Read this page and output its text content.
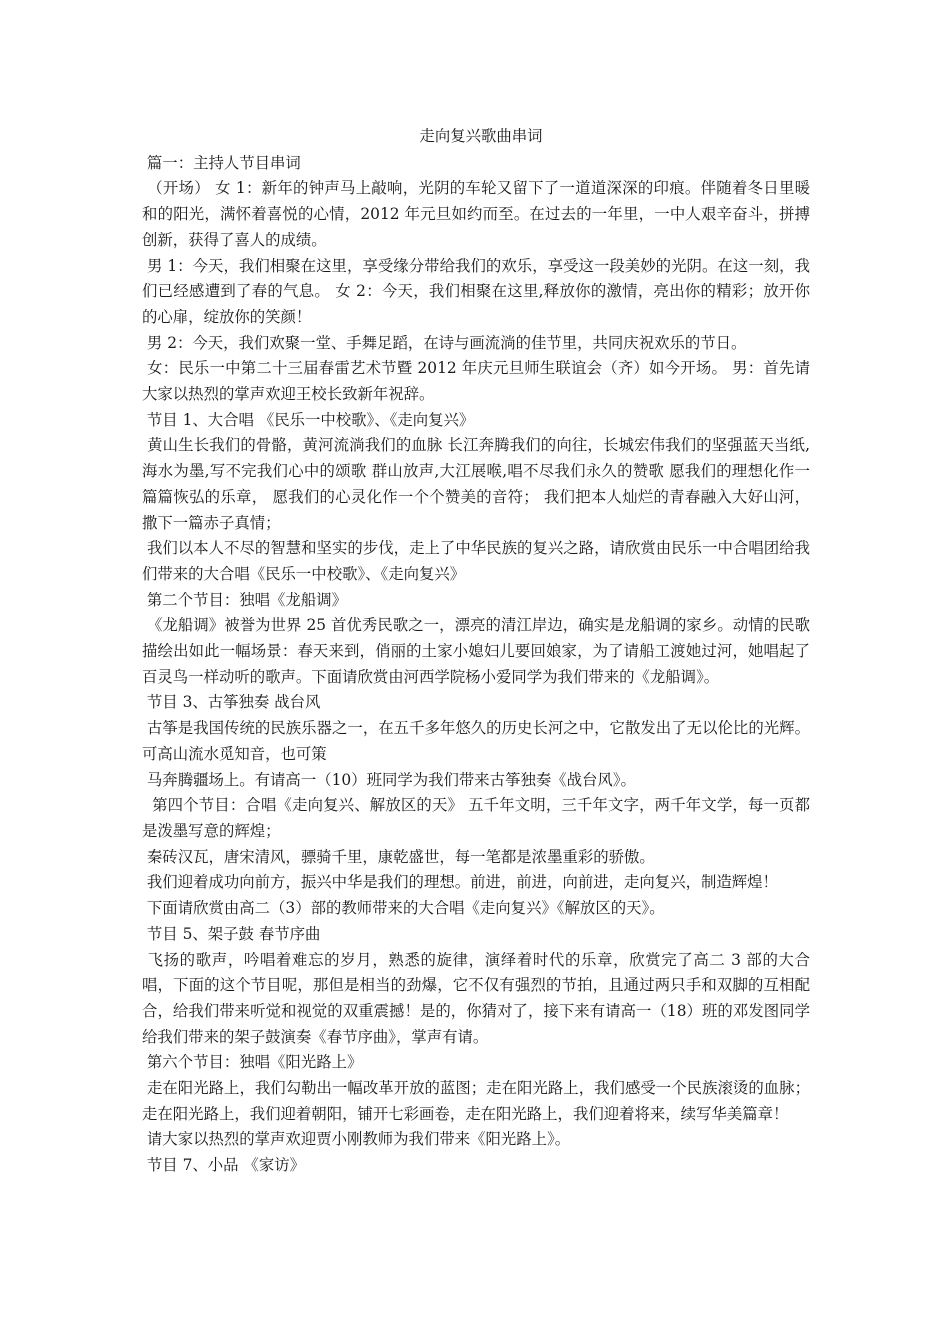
走向复兴歌曲串词

篇一：主持人节目串词

（开场） 女 1：新年的钟声马上敲响，光阴的车轮又留下了一道道深深的印痕。伴随着冬日里暖和的阳光，满怀着喜悦的心情，2012 年元旦如约而至。在过去的一年里，一中人艰辛奋斗，拼搏创新，获得了喜人的成绩。

男 1：今天，我们相聚在这里，享受缘分带给我们的欢乐，享受这一段美妙的光阴。在这一刻，我们已经感遭到了春的气息。 女 2：今天，我们相聚在这里,释放你的激情，亮出你的精彩；放开你的心扉，绽放你的笑颜！

男 2：今天，我们欢聚一堂、手舞足蹈，在诗与画流淌的佳节里，共同庆祝欢乐的节日。

女：民乐一中第二十三届春雷艺术节暨 2012 年庆元旦师生联谊会（齐）如今开场。 男：首先请大家以热烈的掌声欢迎王校长致新年祝辞。

节目 1、大合唱 《民乐一中校歌》、《走向复兴》

黄山生长我们的骨骼，黄河流淌我们的血脉 长江奔腾我们的向往，长城宏伟我们的坚强蓝天当纸,海水为墨,写不完我们心中的颂歌 群山放声,大江展喉,唱不尽我们永久的赞歌 愿我们的理想化作一篇篇恢弘的乐章， 愿我们的心灵化作一个个赞美的音符； 我们把本人灿烂的青春融入大好山河，撒下一篇赤子真情；

我们以本人不尽的智慧和坚实的步伐，走上了中华民族的复兴之路，请欣赏由民乐一中合唱团给我们带来的大合唱《民乐一中校歌》、《走向复兴》

第二个节目：独唱《龙船调》

《龙船调》被誉为世界 25 首优秀民歌之一，漂亮的清江岸边，确实是龙船调的家乡。动情的民歌描绘出如此一幅场景：春天来到，俏丽的土家小媳妇儿要回娘家，为了请船工渡她过河，她唱起了百灵鸟一样动听的歌声。下面请欣赏由河西学院杨小爱同学为我们带来的《龙船调》。

节目 3、古筝独奏 战台风

古筝是我国传统的民族乐器之一，在五千多年悠久的历史长河之中，它散发出了无以伦比的光辉。可高山流水觅知音，也可策

马奔腾疆场上。有请高一（10）班同学为我们带来古筝独奏《战台风》。

第四个节目：合唱《走向复兴、解放区的天》 五千年文明，三千年文字，两千年文学，每一页都是泼墨写意的辉煌；

秦砖汉瓦，唐宋清风，骠骑千里，康乾盛世，每一笔都是浓墨重彩的骄傲。

我们迎着成功向前方，振兴中华是我们的理想。前进，前进，向前进，走向复兴，制造辉煌！

下面请欣赏由高二（3）部的教师带来的大合唱《走向复兴》《解放区的天》。

节目 5、架子鼓 春节序曲

飞扬的歌声，吟唱着难忘的岁月，熟悉的旋律，演绎着时代的乐章，欣赏完了高二 3 部的大合唱，下面的这个节目呢，那但是相当的劲爆，它不仅有强烈的节拍，且通过两只手和双脚的互相配合，给我们带来听觉和视觉的双重震撼！是的，你猜对了，接下来有请高一（18）班的邓发图同学给我们带来的架子鼓演奏《春节序曲》，掌声有请。

第六个节目：独唱《阳光路上》

走在阳光路上，我们勾勒出一幅改革开放的蓝图；走在阳光路上，我们感受一个民族滚烫的血脉；走在阳光路上，我们迎着朝阳，铺开七彩画卷，走在阳光路上，我们迎着将来，续写华美篇章！

请大家以热烈的掌声欢迎贾小刚教师为我们带来《阳光路上》。

节目 7、小品 《家访》
